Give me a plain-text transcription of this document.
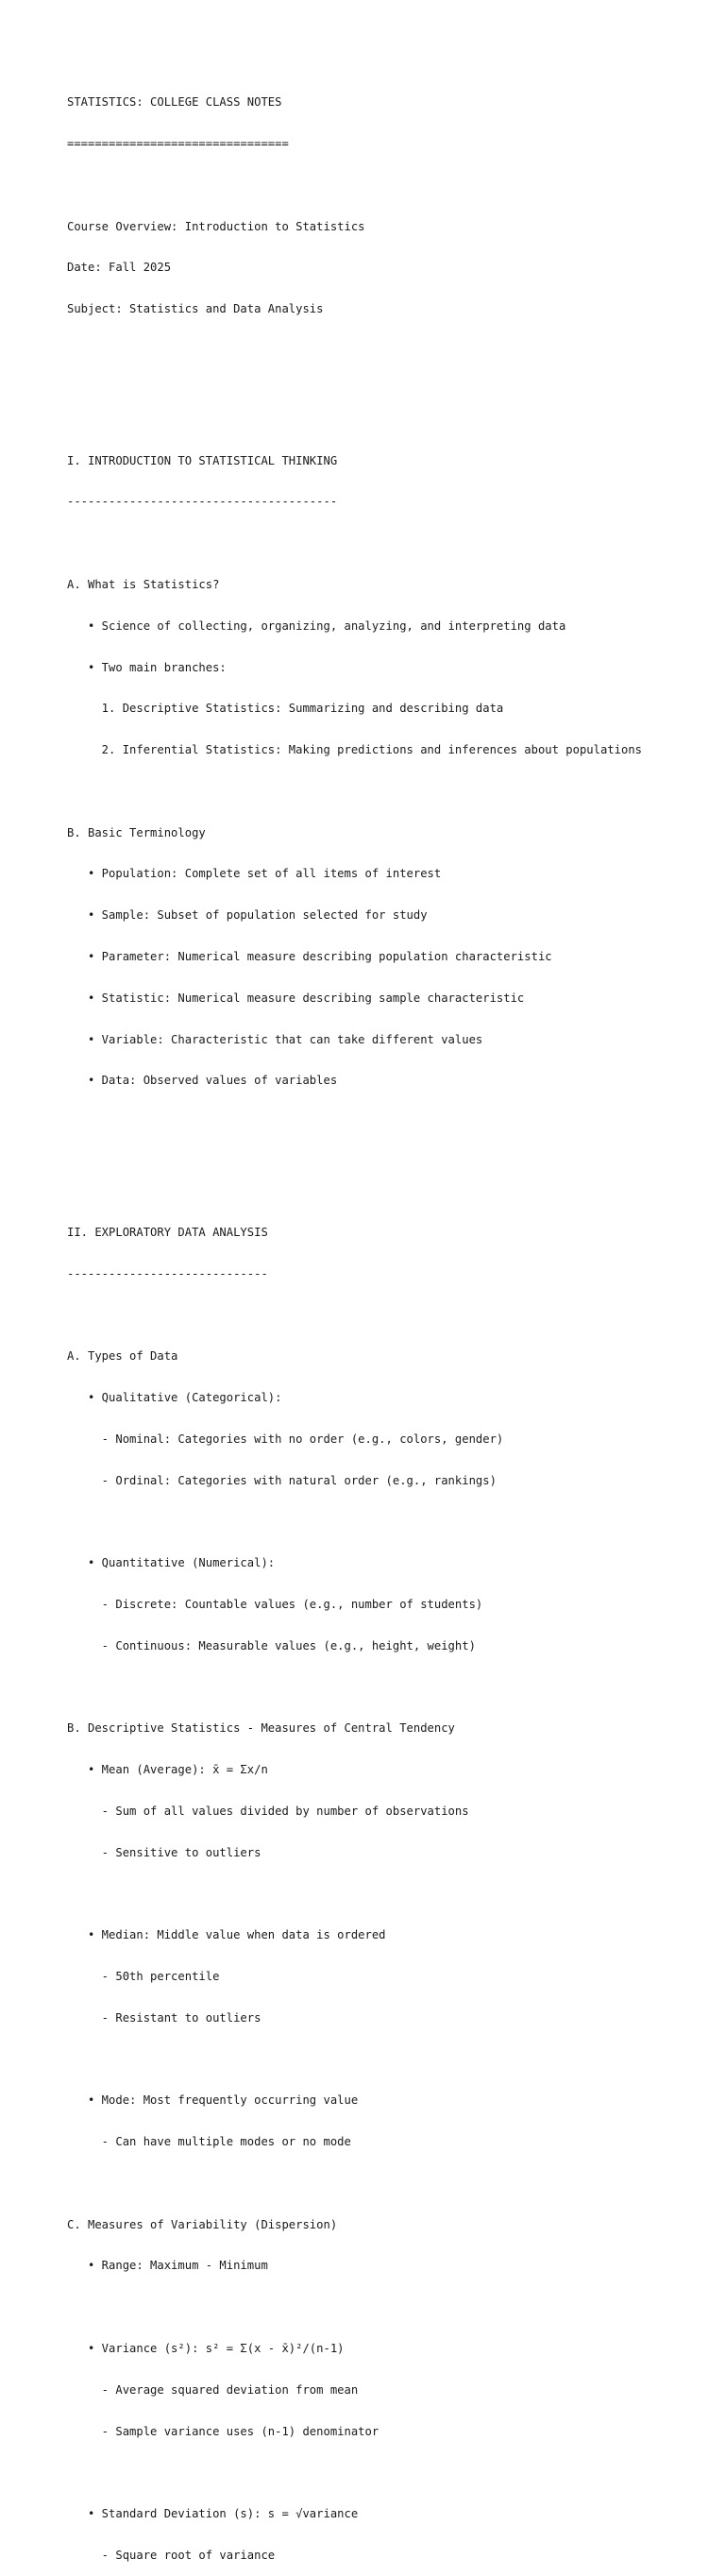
STATISTICS: COLLEGE CLASS NOTES

================================

Course Overview: Introduction to Statistics

Date: Fall 2025

Subject: Statistics and Data Analysis

I. INTRODUCTION TO STATISTICAL THINKING

---------------------------------------

A. What is Statistics?

• Science of collecting, organizing, analyzing, and interpreting data

• Two main branches:

1. Descriptive Statistics: Summarizing and describing data

2. Inferential Statistics: Making predictions and inferences about populations

B. Basic Terminology

• Population: Complete set of all items of interest

• Sample: Subset of population selected for study

• Parameter: Numerical measure describing population characteristic

• Statistic: Numerical measure describing sample characteristic

• Variable: Characteristic that can take different values

• Data: Observed values of variables

II. EXPLORATORY DATA ANALYSIS

-----------------------------

A. Types of Data

• Qualitative (Categorical):

- Nominal: Categories with no order (e.g., colors, gender)

- Ordinal: Categories with natural order (e.g., rankings)

• Quantitative (Numerical):

- Discrete: Countable values (e.g., number of students)

- Continuous: Measurable values (e.g., height, weight)

B. Descriptive Statistics - Measures of Central Tendency

• Mean (Average): x̄ = Σx/n

- Sum of all values divided by number of observations

- Sensitive to outliers

• Median: Middle value when data is ordered

- 50th percentile

- Resistant to outliers

• Mode: Most frequently occurring value

- Can have multiple modes or no mode

C. Measures of Variability (Dispersion)

• Range: Maximum - Minimum

• Variance (s²): s² = Σ(x - x̄)²/(n-1)

- Average squared deviation from mean

- Sample variance uses (n-1) denominator

• Standard Deviation (s): s = √variance

- Square root of variance
